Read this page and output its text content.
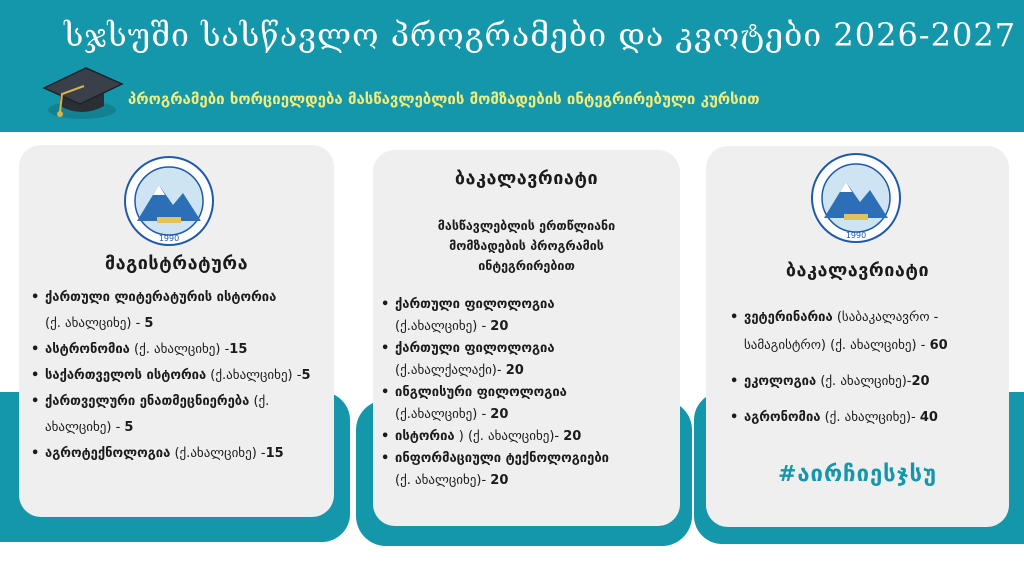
სჯსუში სასწავლო პროგრამები და კვოტები 2026-2027
პროგრამები ხორციელდება მასწავლებლის მომზადების ინტეგრირებული კურსით
1990
მაგისტრატურა
• ქართული ლიტერატურის ისტორია
(ქ. ახალციხე) - 5
• ასტრონომია (ქ. ახალციხე) -15
• საქართველოს ისტორია (ქ.ახალციხე) -5
• ქართველური ენათმეცნიერება (ქ. ახალციხე) - 5
• აგროტექნოლოგია (ქ.ახალციხე) -15
ბაკალავრიატი
მასწავლებლის ერთწლიანი
მომზადების პროგრამის
ინტეგრირებით
• ქართული ფილოლოგია
(ქ.ახალციხე) - 20
• ქართული ფილოლოგია
(ქ.ახალქალაქი)- 20
• ინგლისური ფილოლოგია
(ქ.ახალციხე) - 20
• ისტორია ) (ქ. ახალციხე)- 20
• ინფორმაციული ტექნოლოგიები
(ქ. ახალციხე)- 20
1990
ბაკალავრიატი
• ვეტერინარია (საბაკალავრო - სამაგისტრო) (ქ. ახალციხე) - 60
• ეკოლოგია (ქ. ახალციხე)-20
• აგრონომია (ქ. ახალციხე)- 40
#აირჩიესჯსუ
